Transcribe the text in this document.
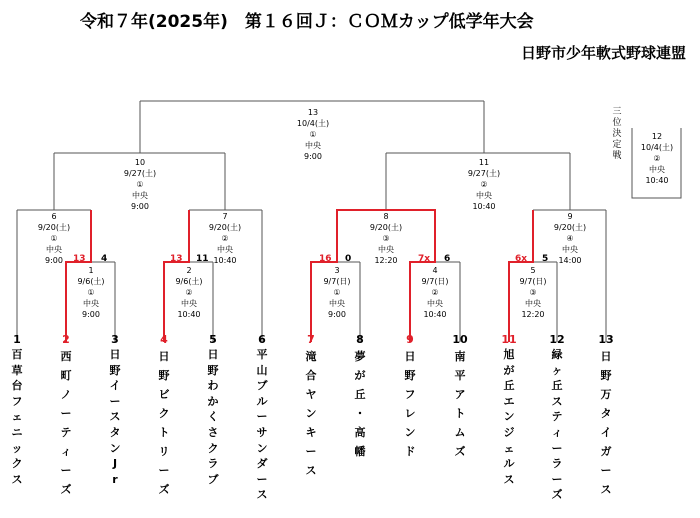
令和７年(2025年)　第１６回Ｊ：ＣＯＭカップ低学年大会
日野市少年軟式野球連盟
三
位
決
定
戦
13
10/4(土)
①
中央
9:00
10
9/27(土)
①
中央
9:00
11
9/27(土)
②
中央
10:40
6
9/20(土)
①
中央
9:00
7
9/20(土)
②
中央
10:40
8
9/20(土)
③
中央
12:20
9
9/20(土)
④
中央
14:00
1
9/6(土)
①
中央
9:00
2
9/6(土)
②
中央
10:40
3
9/7(日)
①
中央
9:00
4
9/7(日)
②
中央
10:40
5
9/7(日)
③
中央
12:20
12
10/4(土)
②
中央
10:40
13 4	13 11	16 0	7x 6	6x 5
1
百
草
台
フ
ェ
ニ
ッ
ク
ス
2
西
町
ノ
ー
テ
ィ
ー
ズ
3
日
野
イ
ー
ス
タ
ン
J
r
4
日
野
ビ
ク
ト
リ
ー
ズ
5
日
野
わ
か
く
さ
ク
ラ
ブ
6
平
山
ブ
ル
ー
サ
ン
ダ
ー
ス
7
滝
合
ヤ
ン
キ
ー
ス
8
夢
が
丘
・
高
幡
9
日
野
フ
レ
ン
ド
10
南
平
ア
ト
ム
ズ
11
旭
が
丘
エ
ン
ジ
ェ
ル
ス
12
緑
ヶ
丘
ス
テ
ィ
ー
ラ
ー
ズ
13
日
野
万
タ
イ
ガ
ー
ス
